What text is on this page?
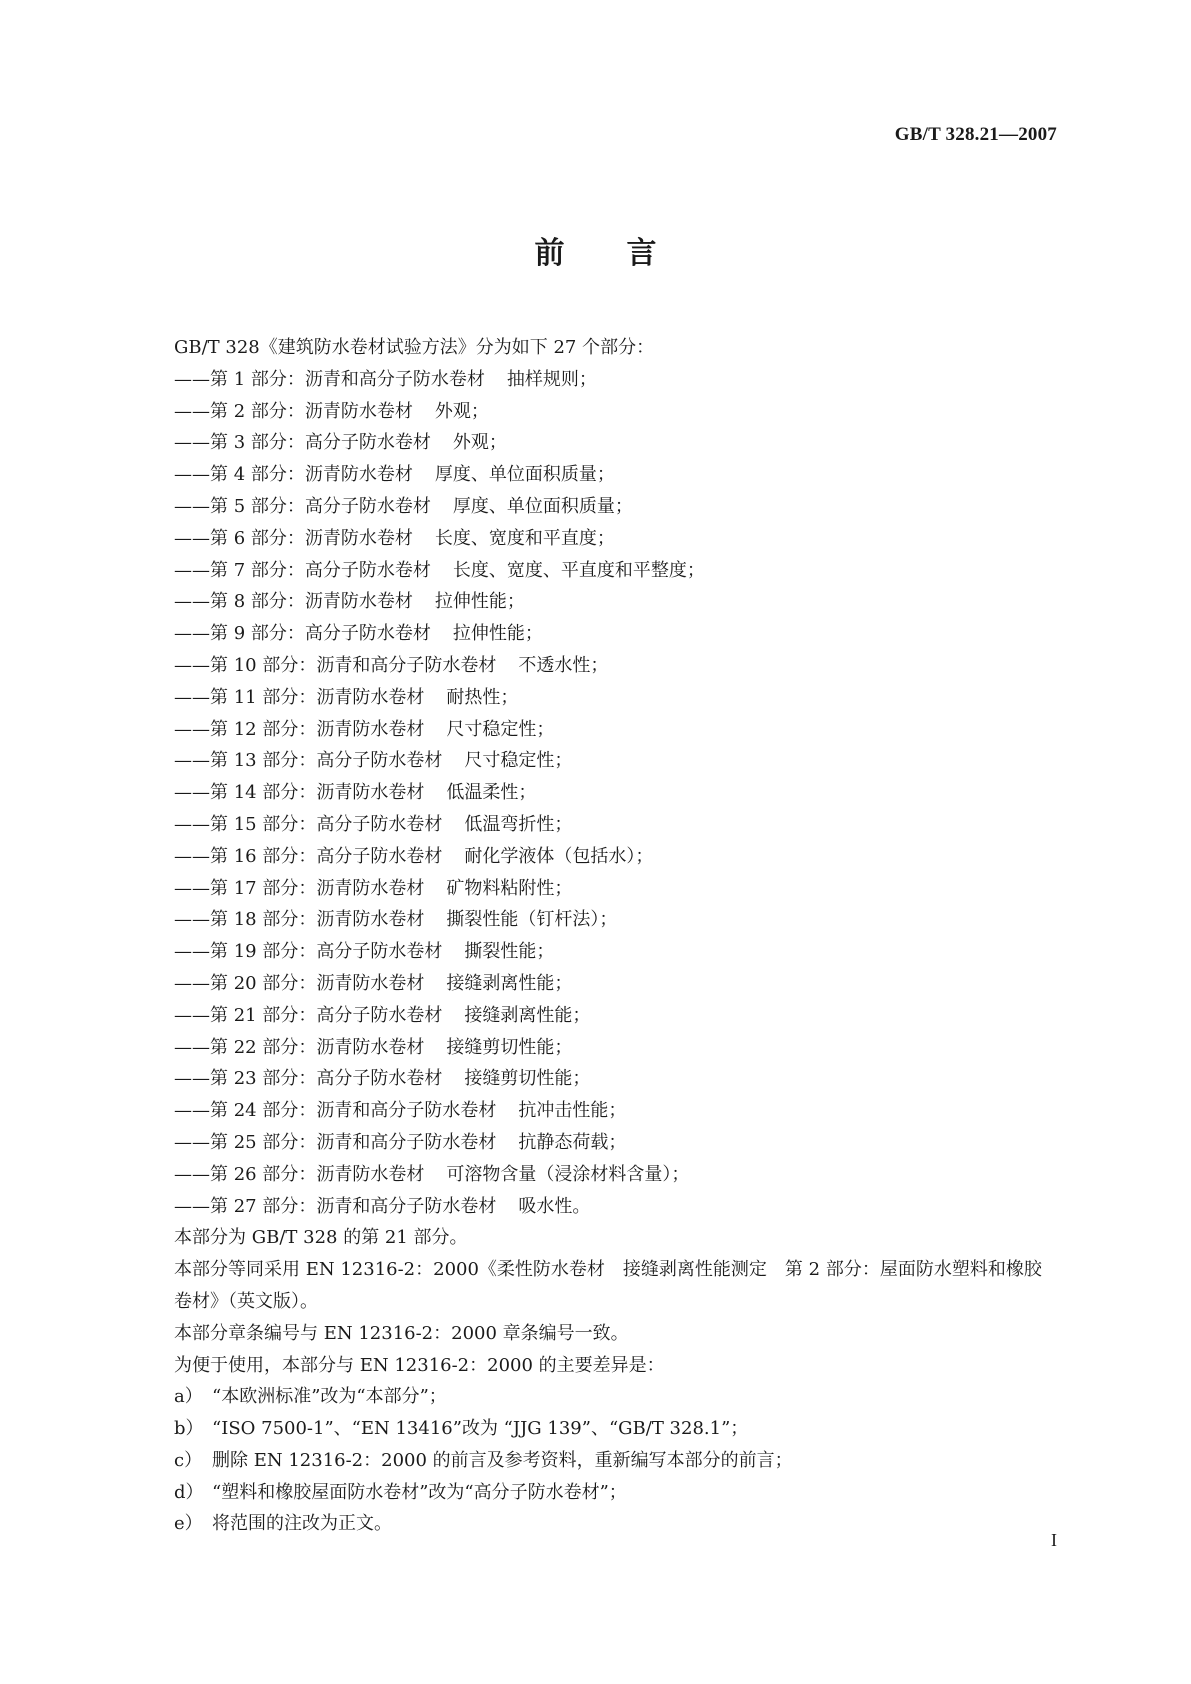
GB/T 328.21—2007
前言
GB/T 328《建筑防水卷材试验方法》分为如下 27 个部分：
——第 1 部分：沥青和高分子防水卷材 抽样规则；
——第 2 部分：沥青防水卷材 外观；
——第 3 部分：高分子防水卷材 外观；
——第 4 部分：沥青防水卷材 厚度、单位面积质量；
——第 5 部分：高分子防水卷材 厚度、单位面积质量；
——第 6 部分：沥青防水卷材 长度、宽度和平直度；
——第 7 部分：高分子防水卷材 长度、宽度、平直度和平整度；
——第 8 部分：沥青防水卷材 拉伸性能；
——第 9 部分：高分子防水卷材 拉伸性能；
——第 10 部分：沥青和高分子防水卷材 不透水性；
——第 11 部分：沥青防水卷材 耐热性；
——第 12 部分：沥青防水卷材 尺寸稳定性；
——第 13 部分：高分子防水卷材 尺寸稳定性；
——第 14 部分：沥青防水卷材 低温柔性；
——第 15 部分：高分子防水卷材 低温弯折性；
——第 16 部分：高分子防水卷材 耐化学液体（包括水）；
——第 17 部分：沥青防水卷材 矿物料粘附性；
——第 18 部分：沥青防水卷材 撕裂性能（钉杆法）；
——第 19 部分：高分子防水卷材 撕裂性能；
——第 20 部分：沥青防水卷材 接缝剥离性能；
——第 21 部分：高分子防水卷材 接缝剥离性能；
——第 22 部分：沥青防水卷材 接缝剪切性能；
——第 23 部分：高分子防水卷材 接缝剪切性能；
——第 24 部分：沥青和高分子防水卷材 抗冲击性能；
——第 25 部分：沥青和高分子防水卷材 抗静态荷载；
——第 26 部分：沥青防水卷材 可溶物含量（浸涂材料含量）；
——第 27 部分：沥青和高分子防水卷材 吸水性。
本部分为 GB/T 328 的第 21 部分。
本部分等同采用 EN 12316-2：2000《柔性防水卷材　接缝剥离性能测定　第 2 部分：屋面防水塑料和橡胶卷材》（英文版）。
本部分章条编号与 EN 12316-2：2000 章条编号一致。
为便于使用，本部分与 EN 12316-2：2000 的主要差异是：
a） “本欧洲标准”改为“本部分”；
b） “ISO 7500-1”、“EN 13416”改为 “JJG 139”、“GB/T 328.1”；
c） 删除 EN 12316-2：2000 的前言及参考资料，重新编写本部分的前言；
d） “塑料和橡胶屋面防水卷材”改为“高分子防水卷材”；
e） 将范围的注改为正文。
I
